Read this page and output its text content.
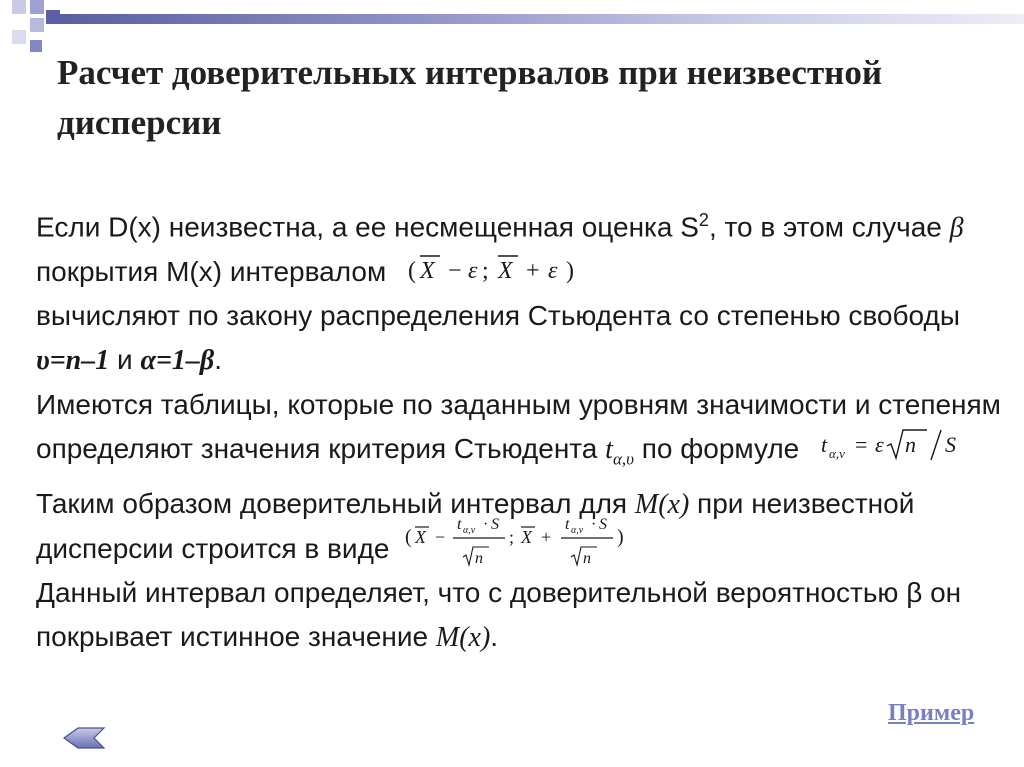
Расчет доверительных интервалов при неизвестной дисперсии

Если D(x) неизвестна, а ее несмещенная оценка $S^2$, то в этом случае β покрытия M(x) интервалом ( X − ε ; X + ε )

вычисляют по закону распределения Стьюдента со степенью свободы υ=n–1 и α=1–β.

Имеются таблицы, которые по заданным уровням значимости и степеням определяют значения критерия Стьюдента $t_{\alpha,\upsilon}$ по формуле t α,ν = ε n S

Таким образом доверительный интервал для M(x) при неизвестной дисперсии строится в виде ( X −
t α,ν · S
n
; X +
t α,ν · S
n
)

Данный интервал определяет, что с доверительной вероятностью β он покрывает истинное значение M(x).

Пример
